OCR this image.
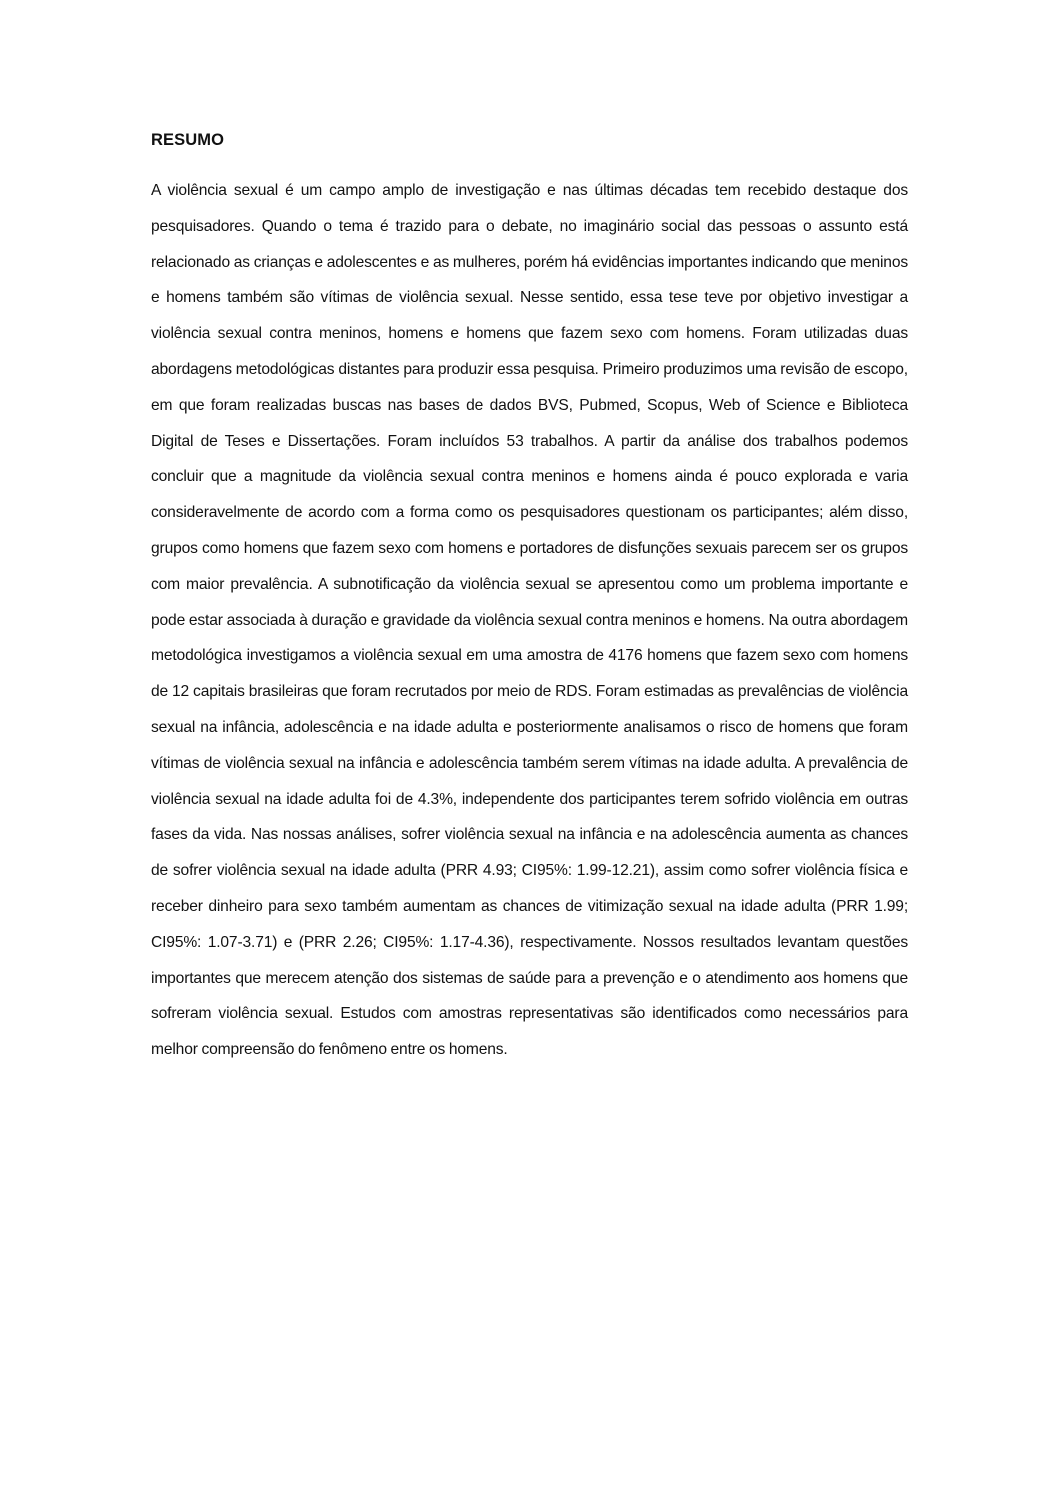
RESUMO

A violência sexual é um campo amplo de investigação e nas últimas décadas tem recebido destaque dos pesquisadores. Quando o tema é trazido para o debate, no imaginário social das pessoas o assunto está relacionado as crianças e adolescentes e as mulheres, porém há evidências importantes indicando que meninos e homens também são vítimas de violência sexual. Nesse sentido, essa tese teve por objetivo investigar a violência sexual contra meninos, homens e homens que fazem sexo com homens. Foram utilizadas duas abordagens metodológicas distantes para produzir essa pesquisa. Primeiro produzimos uma revisão de escopo, em que foram realizadas buscas nas bases de dados BVS, Pubmed, Scopus, Web of Science e Biblioteca Digital de Teses e Dissertações. Foram incluídos 53 trabalhos. A partir da análise dos trabalhos podemos concluir que a magnitude da violência sexual contra meninos e homens ainda é pouco explorada e varia consideravelmente de acordo com a forma como os pesquisadores questionam os participantes; além disso, grupos como homens que fazem sexo com homens e portadores de disfunções sexuais parecem ser os grupos com maior prevalência. A subnotificação da violência sexual se apresentou como um problema importante e pode estar associada à duração e gravidade da violência sexual contra meninos e homens. Na outra abordagem metodológica investigamos a violência sexual em uma amostra de 4176 homens que fazem sexo com homens de 12 capitais brasileiras que foram recrutados por meio de RDS. Foram estimadas as prevalências de violência sexual na infância, adolescência e na idade adulta e posteriormente analisamos o risco de homens que foram vítimas de violência sexual na infância e adolescência também serem vítimas na idade adulta. A prevalência de violência sexual na idade adulta foi de 4.3%, independente dos participantes terem sofrido violência em outras fases da vida. Nas nossas análises, sofrer violência sexual na infância e na adolescência aumenta as chances de sofrer violência sexual na idade adulta (PRR 4.93; CI95%: 1.99-12.21), assim como sofrer violência física e receber dinheiro para sexo também aumentam as chances de vitimização sexual na idade adulta (PRR 1.99; CI95%: 1.07-3.71) e (PRR 2.26; CI95%: 1.17-4.36), respectivamente. Nossos resultados levantam questões importantes que merecem atenção dos sistemas de saúde para a prevenção e o atendimento aos homens que sofreram violência sexual. Estudos com amostras representativas são identificados como necessários para melhor compreensão do fenômeno entre os homens.
